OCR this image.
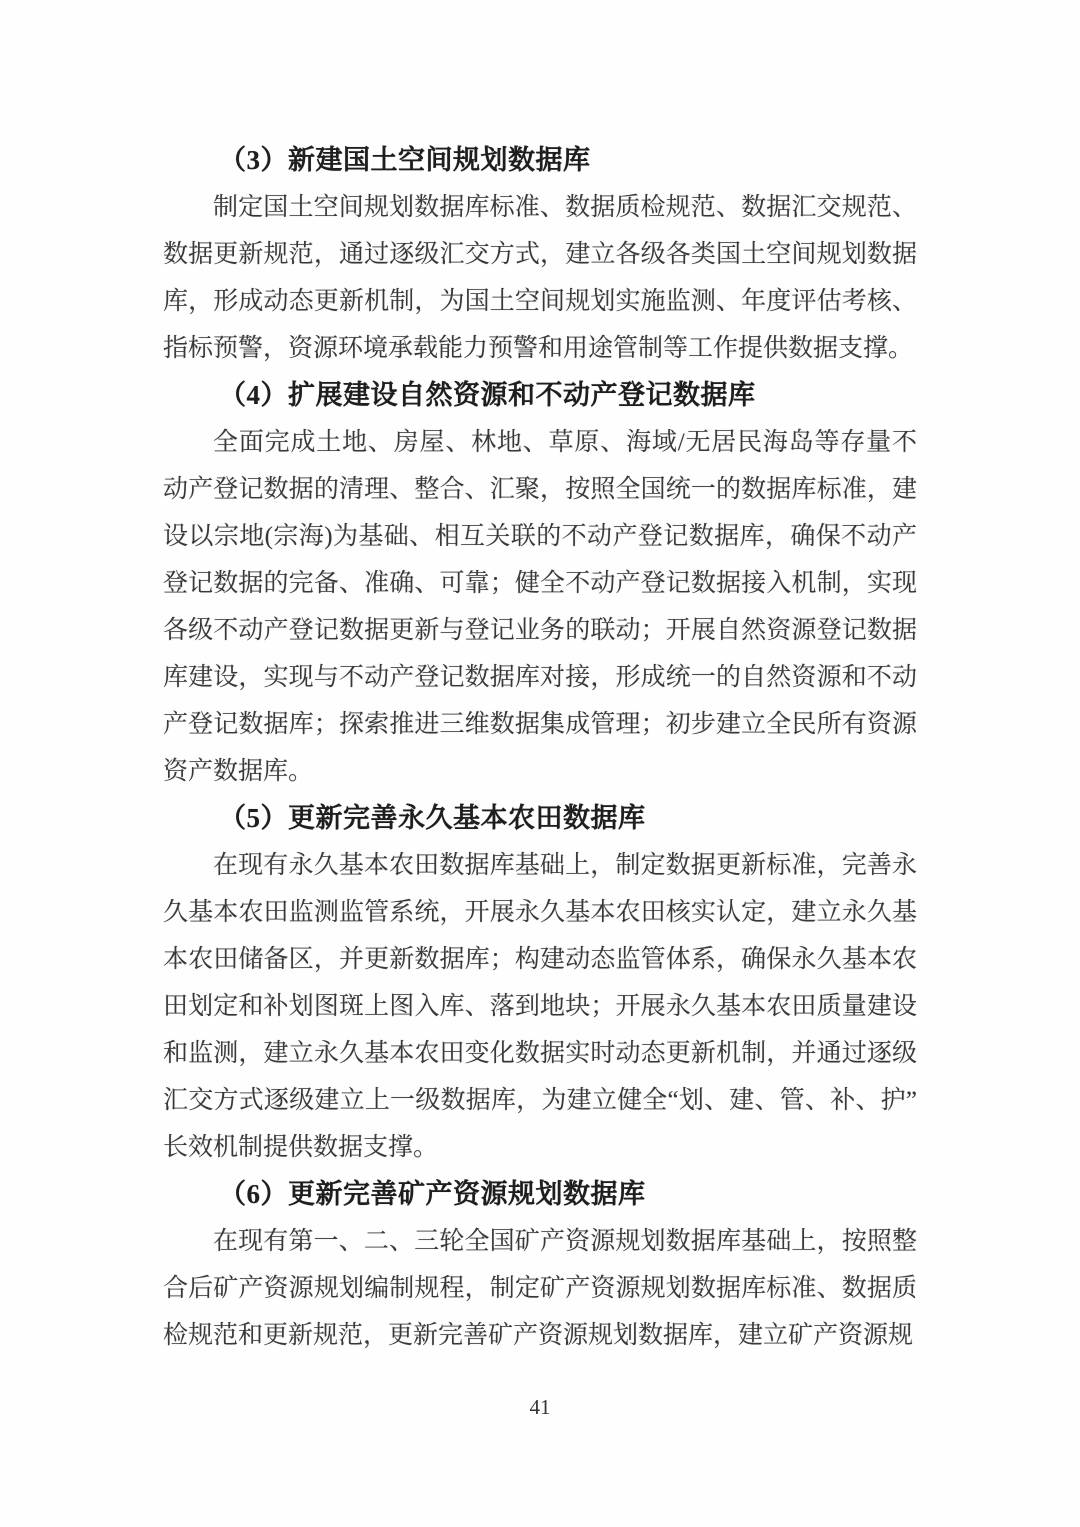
（3）新建国土空间规划数据库

制定国土空间规划数据库标准、数据质检规范、数据汇交规范、数据更新规范，通过逐级汇交方式，建立各级各类国土空间规划数据库，形成动态更新机制，为国土空间规划实施监测、年度评估考核、指标预警，资源环境承载能力预警和用途管制等工作提供数据支撑。

（4）扩展建设自然资源和不动产登记数据库

全面完成土地、房屋、林地、草原、海域/无居民海岛等存量不动产登记数据的清理、整合、汇聚，按照全国统一的数据库标准，建设以宗地(宗海)为基础、相互关联的不动产登记数据库，确保不动产登记数据的完备、准确、可靠；健全不动产登记数据接入机制，实现各级不动产登记数据更新与登记业务的联动；开展自然资源登记数据库建设，实现与不动产登记数据库对接，形成统一的自然资源和不动产登记数据库；探索推进三维数据集成管理；初步建立全民所有资源资产数据库。

（5）更新完善永久基本农田数据库

在现有永久基本农田数据库基础上，制定数据更新标准，完善永久基本农田监测监管系统，开展永久基本农田核实认定，建立永久基本农田储备区，并更新数据库；构建动态监管体系，确保永久基本农田划定和补划图斑上图入库、落到地块；开展永久基本农田质量建设和监测，建立永久基本农田变化数据实时动态更新机制，并通过逐级汇交方式逐级建立上一级数据库，为建立健全“划、建、管、补、护”长效机制提供数据支撑。

（6）更新完善矿产资源规划数据库

在现有第一、二、三轮全国矿产资源规划数据库基础上，按照整合后矿产资源规划编制规程，制定矿产资源规划数据库标准、数据质检规范和更新规范，更新完善矿产资源规划数据库，建立矿产资源规

41
